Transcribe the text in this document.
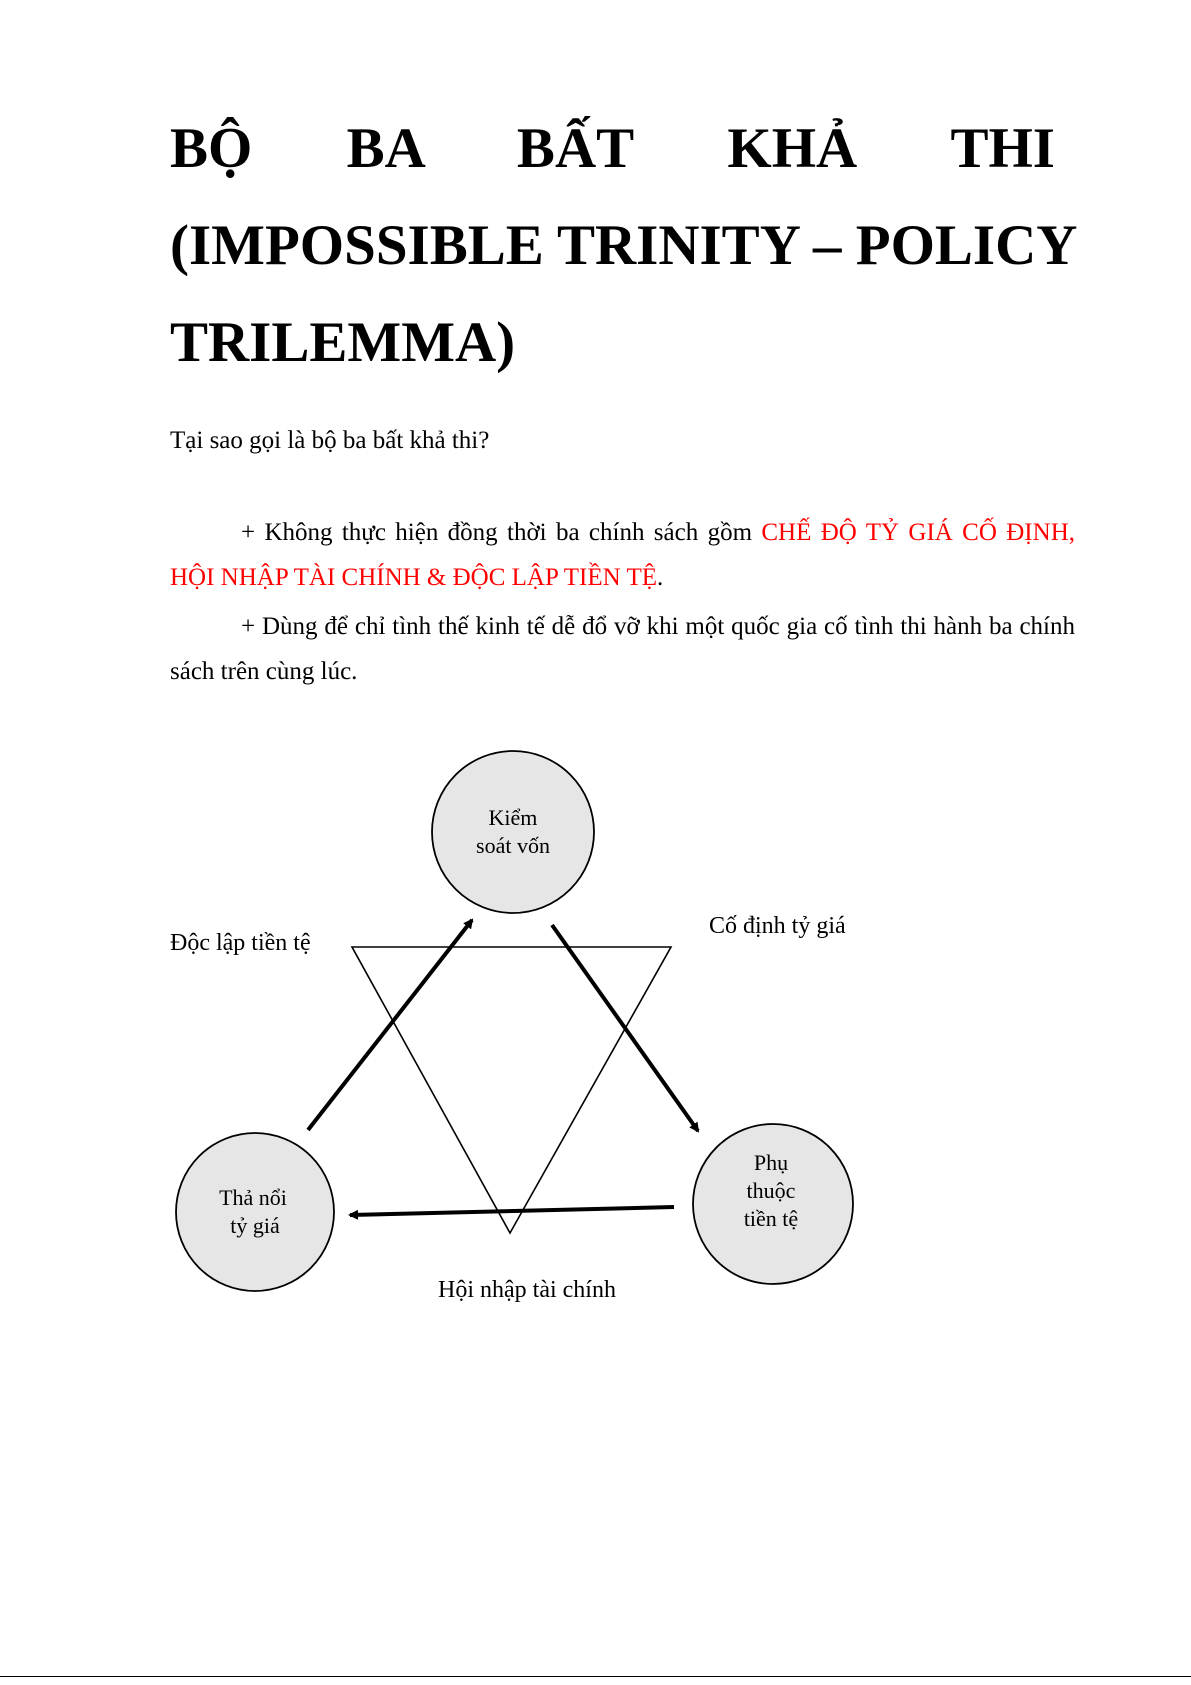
BỘ BA BẤT KHẢ THI
(IMPOSSIBLE TRINITY – POLICY
TRILEMMA)

Tại sao gọi là bộ ba bất khả thi?

+ Không thực hiện đồng thời ba chính sách gồm CHẾ ĐỘ TỶ GIÁ CỐ ĐỊNH, HỘI NHẬP TÀI CHÍNH & ĐỘC LẬP TIỀN TỆ.

+ Dùng để chỉ tình thế kinh tế dễ đổ vỡ khi một quốc gia cố tình thi hành ba chính sách trên cùng lúc.

Kiểm
soát vốn
Thả nổi
tỷ giá
Phụ
thuộc
tiền tệ
Độc lập tiền tệ
Cố định tỷ giá
Hội nhập tài chính
